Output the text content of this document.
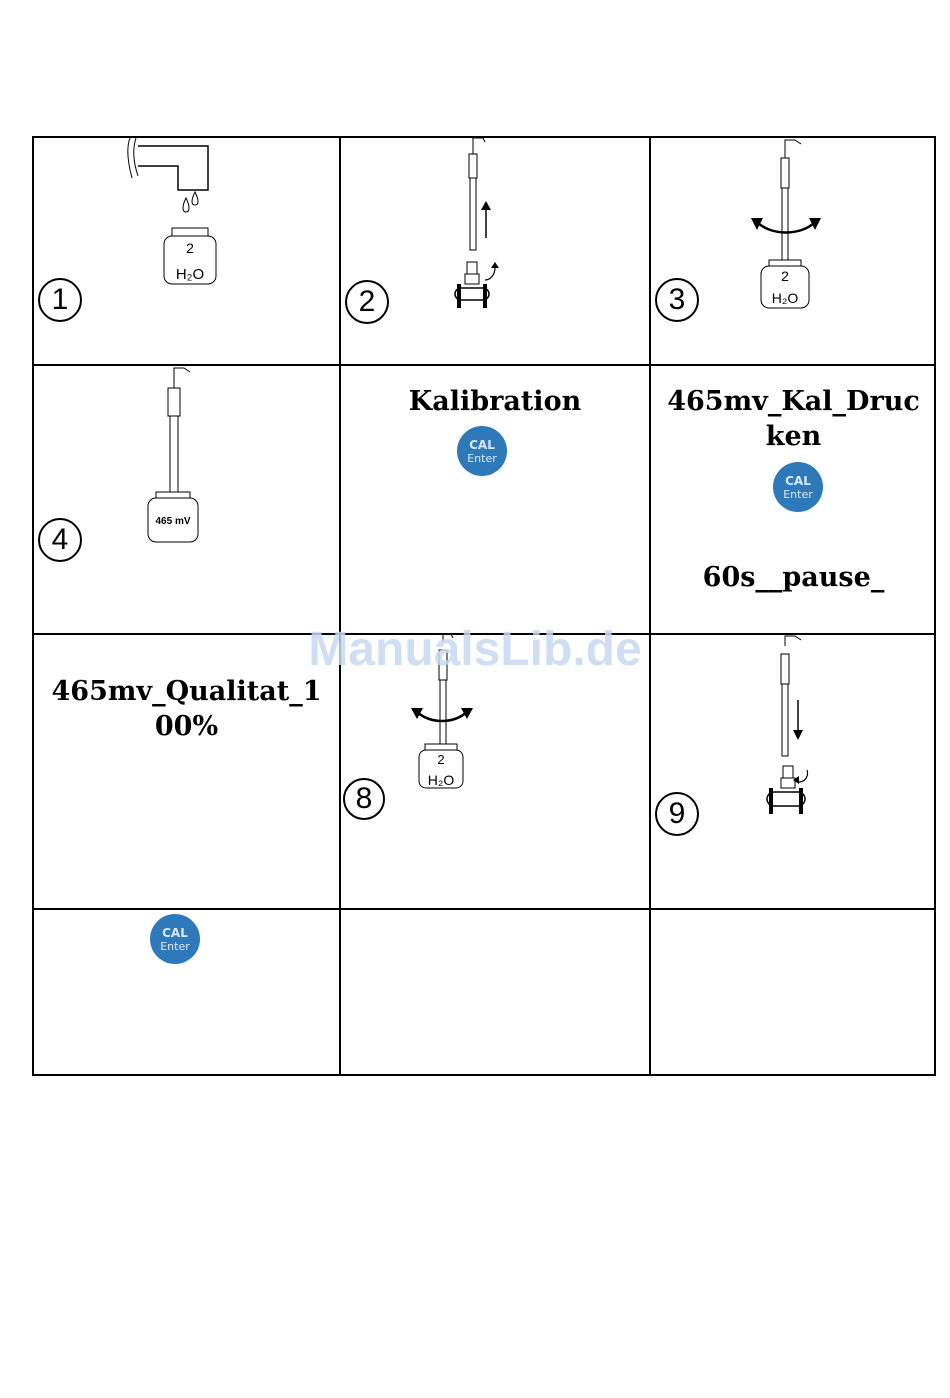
2
H₂O
1	2
2
H₂O
3
465 mV
4
Kalibration
CAL
Enter
465mv_Kal_Druc
ken
CAL
Enter
60s__pause_
465mv_Qualitat_1
00%
2
H₂O
8	9
CAL
Enter
ManualsLib.de
